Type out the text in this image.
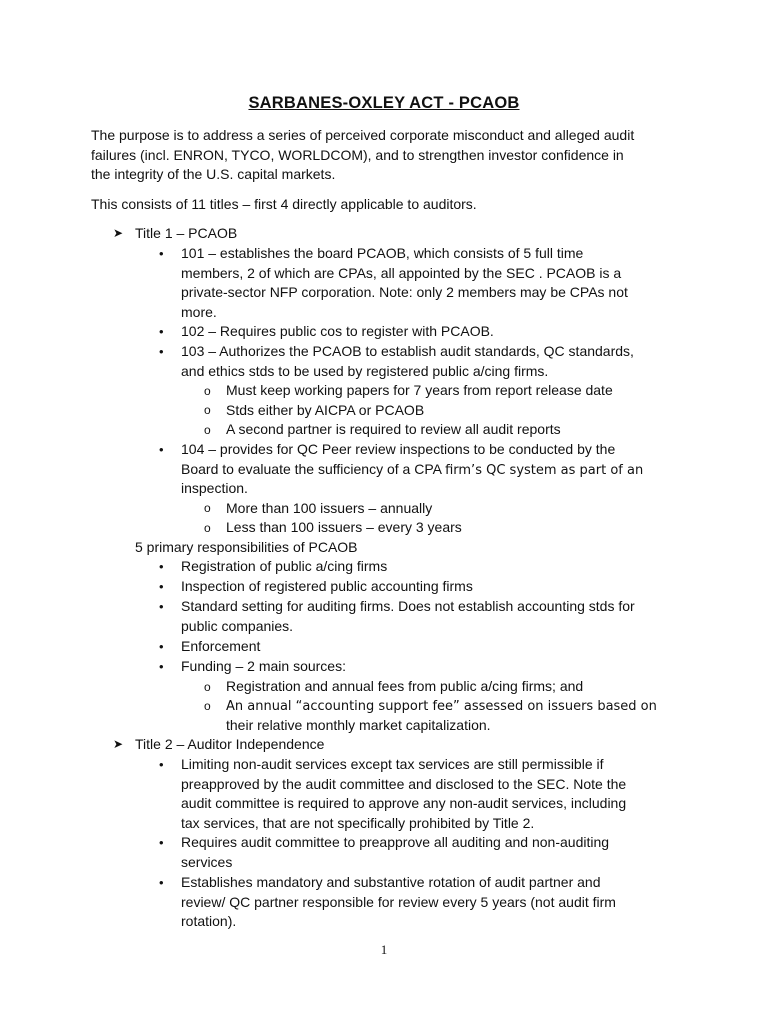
SARBANES-OXLEY ACT - PCAOB
The purpose is to address a series of perceived corporate misconduct and alleged audit
failures (incl. ENRON, TYCO, WORLDCOM), and to strengthen investor confidence in
the integrity of the U.S. capital markets.
This consists of 11 titles – first 4 directly applicable to auditors.
➤ Title 1 – PCAOB
• 101 – establishes the board PCAOB, which consists of 5 full time
members, 2 of which are CPAs, all appointed by the SEC . PCAOB is a
private-sector NFP corporation. Note: only 2 members may be CPAs not
more.
• 102 – Requires public cos to register with PCAOB.
• 103 – Authorizes the PCAOB to establish audit standards, QC standards,
and ethics stds to be used by registered public a/cing firms.
o Must keep working papers for 7 years from report release date
o Stds either by AICPA or PCAOB
o A second partner is required to review all audit reports
• 104 – provides for QC Peer review inspections to be conducted by the
Board to evaluate the sufficiency of a CPA firm’s QC system as part of an
inspection.
o More than 100 issuers – annually
o Less than 100 issuers – every 3 years
5 primary responsibilities of PCAOB
• Registration of public a/cing firms
• Inspection of registered public accounting firms
• Standard setting for auditing firms. Does not establish accounting stds for
public companies.
• Enforcement
• Funding – 2 main sources:
o Registration and annual fees from public a/cing firms; and
o An annual “accounting support fee” assessed on issuers based on
their relative monthly market capitalization.
➤ Title 2 – Auditor Independence
• Limiting non-audit services except tax services are still permissible if
preapproved by the audit committee and disclosed to the SEC. Note the
audit committee is required to approve any non-audit services, including
tax services, that are not specifically prohibited by Title 2.
• Requires audit committee to preapprove all auditing and non-auditing
services
• Establishes mandatory and substantive rotation of audit partner and
review/ QC partner responsible for review every 5 years (not audit firm
rotation).
1
